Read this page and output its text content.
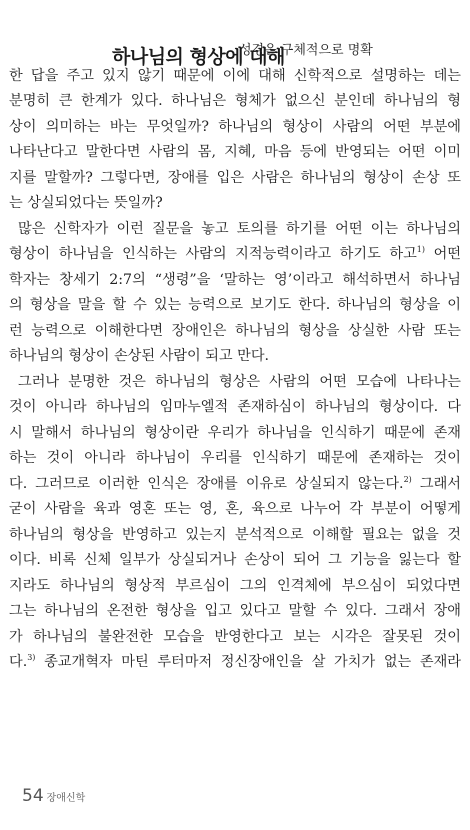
하나님의 형상에 대해
성경은 구체적으로 명확
한 답을 주고 있지 않기 때문에 이에 대해 신학적으로 설명하는 데는
분명히 큰 한계가 있다. 하나님은 형체가 없으신 분인데 하나님의 형
상이 의미하는 바는 무엇일까? 하나님의 형상이 사람의 어떤 부분에
나타난다고 말한다면 사람의 몸, 지혜, 마음 등에 반영되는 어떤 이미
지를 말할까? 그렇다면, 장애를 입은 사람은 하나님의 형상이 손상 또
는 상실되었다는 뜻일까?
많은 신학자가 이런 질문을 놓고 토의를 하기를 어떤 이는 하나님의
형상이 하나님을 인식하는 사람의 지적능력이라고 하기도 하고$^{1)}$ 어떤
학자는 창세기 2:7의 “생령”을 ‘말하는 영’이라고 해석하면서 하나님
의 형상을 말을 할 수 있는 능력으로 보기도 한다. 하나님의 형상을 이
런 능력으로 이해한다면 장애인은 하나님의 형상을 상실한 사람 또는
하나님의 형상이 손상된 사람이 되고 만다.
그러나 분명한 것은 하나님의 형상은 사람의 어떤 모습에 나타나는
것이 아니라 하나님의 임마누엘적 존재하심이 하나님의 형상이다. 다
시 말해서 하나님의 형상이란 우리가 하나님을 인식하기 때문에 존재
하는 것이 아니라 하나님이 우리를 인식하기 때문에 존재하는 것이
다. 그러므로 이러한 인식은 장애를 이유로 상실되지 않는다.$^{2)}$ 그래서
굳이 사람을 육과 영혼 또는 영, 혼, 육으로 나누어 각 부분이 어떻게
하나님의 형상을 반영하고 있는지 분석적으로 이해할 필요는 없을 것
이다. 비록 신체 일부가 상실되거나 손상이 되어 그 기능을 잃는다 할
지라도 하나님의 형상적 부르심이 그의 인격체에 부으심이 되었다면
그는 하나님의 온전한 형상을 입고 있다고 말할 수 있다. 그래서 장애
가 하나님의 불완전한 모습을 반영한다고 보는 시각은 잘못된 것이
다.$^{3)}$ 종교개혁자 마틴 루터마저 정신장애인을 살 가치가 없는 존재라
54 장애신학
